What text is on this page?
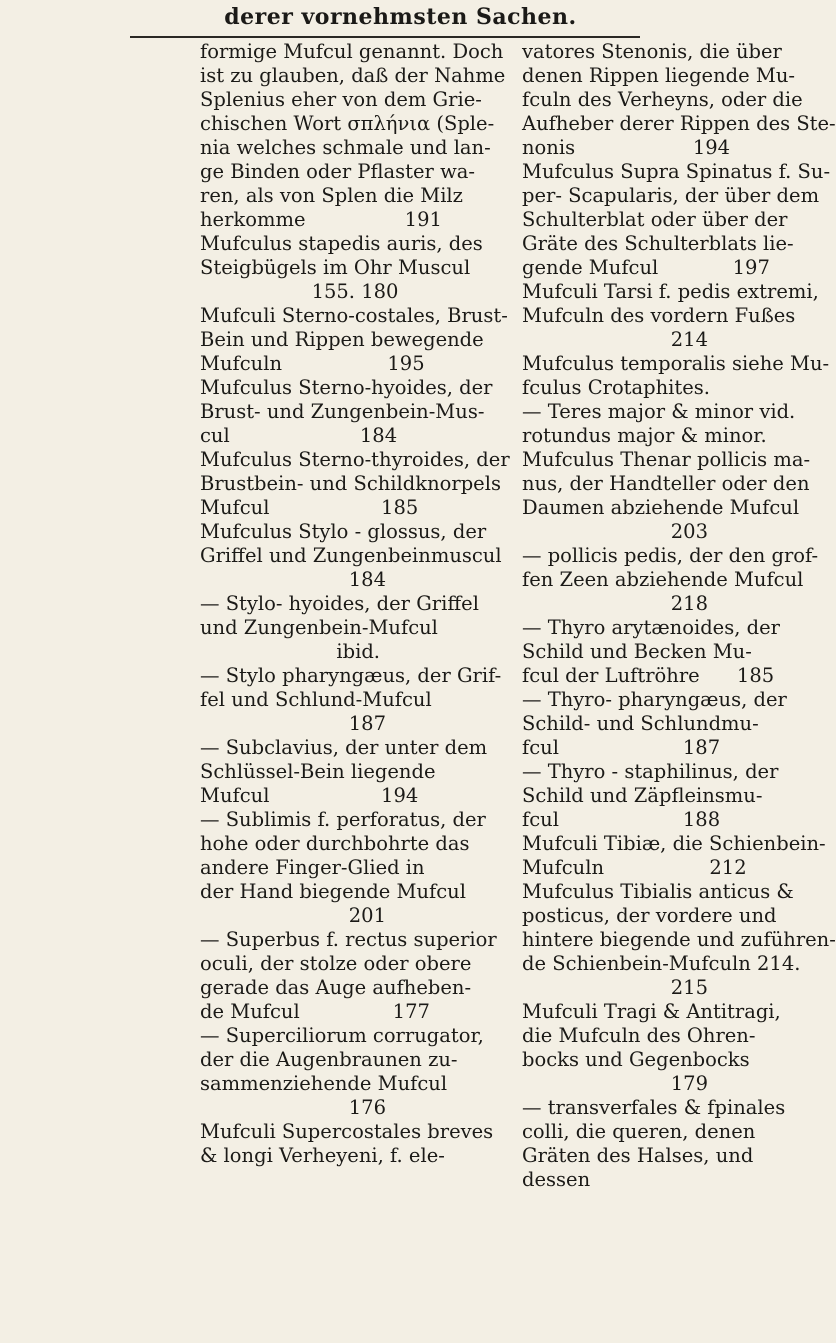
derer vornehmsten Sachen.
formige Mufcul genannt. Doch
ist zu glauben, daß der Nahme
Splenius eher von dem Grie-
chischen Wort σπλήνια (Sple-
nia welches schmale und lan-
ge Binden oder Pflaster wa-
ren, als von Splen die Milz
herkomme                191
Mufculus stapedis auris, des
Steigbügels im Ohr Muscul
155. 180
Mufculi Sterno-costales, Brust-
Bein und Rippen bewegende
Mufculn                 195
Mufculus Sterno-hyoides, der
Brust- und Zungenbein-Mus-
cul                     184
Mufculus Sterno-thyroides, der
Brustbein- und Schildknorpels
Mufcul                  185
Mufculus Stylo - glossus, der
Griffel und Zungenbeinmuscul
184
— Stylo- hyoides, der Griffel
und Zungenbein-Mufcul
ibid.
— Stylo pharyngæus, der Grif-
fel und Schlund-Mufcul
187
— Subclavius, der unter dem
Schlüssel-Bein liegende
Mufcul                  194
— Sublimis f. perforatus, der
hohe oder durchbohrte das
andere Finger-Glied in
der Hand biegende Mufcul
201
— Superbus f. rectus superior
oculi, der stolze oder obere
gerade das Auge aufheben-
de Mufcul               177
— Superciliorum corrugator,
der die Augenbraunen zu-
sammenziehende Mufcul
176
Mufculi Supercostales breves
& longi Verheyeni, f. ele-
vatores Stenonis, die über
denen Rippen liegende Mu-
fculn des Verheyns, oder die
Aufheber derer Rippen des Ste-
nonis                   194
Mufculus Supra Spinatus f. Su-
per- Scapularis, der über dem
Schulterblat oder über der
Gräte des Schulterblats lie-
gende Mufcul            197
Mufculi Tarsi f. pedis extremi,
Mufculn des vordern Fußes
214
Mufculus temporalis siehe Mu-
fculus Crotaphites.
— Teres major & minor vid.
rotundus major & minor.
Mufculus Thenar pollicis ma-
nus, der Handteller oder den
Daumen abziehende Mufcul
203
— pollicis pedis, der den grof-
fen Zeen abziehende Mufcul
218
— Thyro arytænoides, der
Schild und Becken Mu-
fcul der Luftröhre      185
— Thyro- pharyngæus, der
Schild- und Schlundmu-
fcul                    187
— Thyro - staphilinus, der
Schild und Zäpfleinsmu-
fcul                    188
Mufculi Tibiæ, die Schienbein-
Mufculn                 212
Mufculus Tibialis anticus &
posticus, der vordere und
hintere biegende und zuführen-
de Schienbein-Mufculn 214.
215
Mufculi Tragi & Antitragi,
die Mufculn des Ohren-
bocks und Gegenbocks
179
— transverfales & fpinales
colli, die queren, denen
Gräten des Halses, und
dessen
